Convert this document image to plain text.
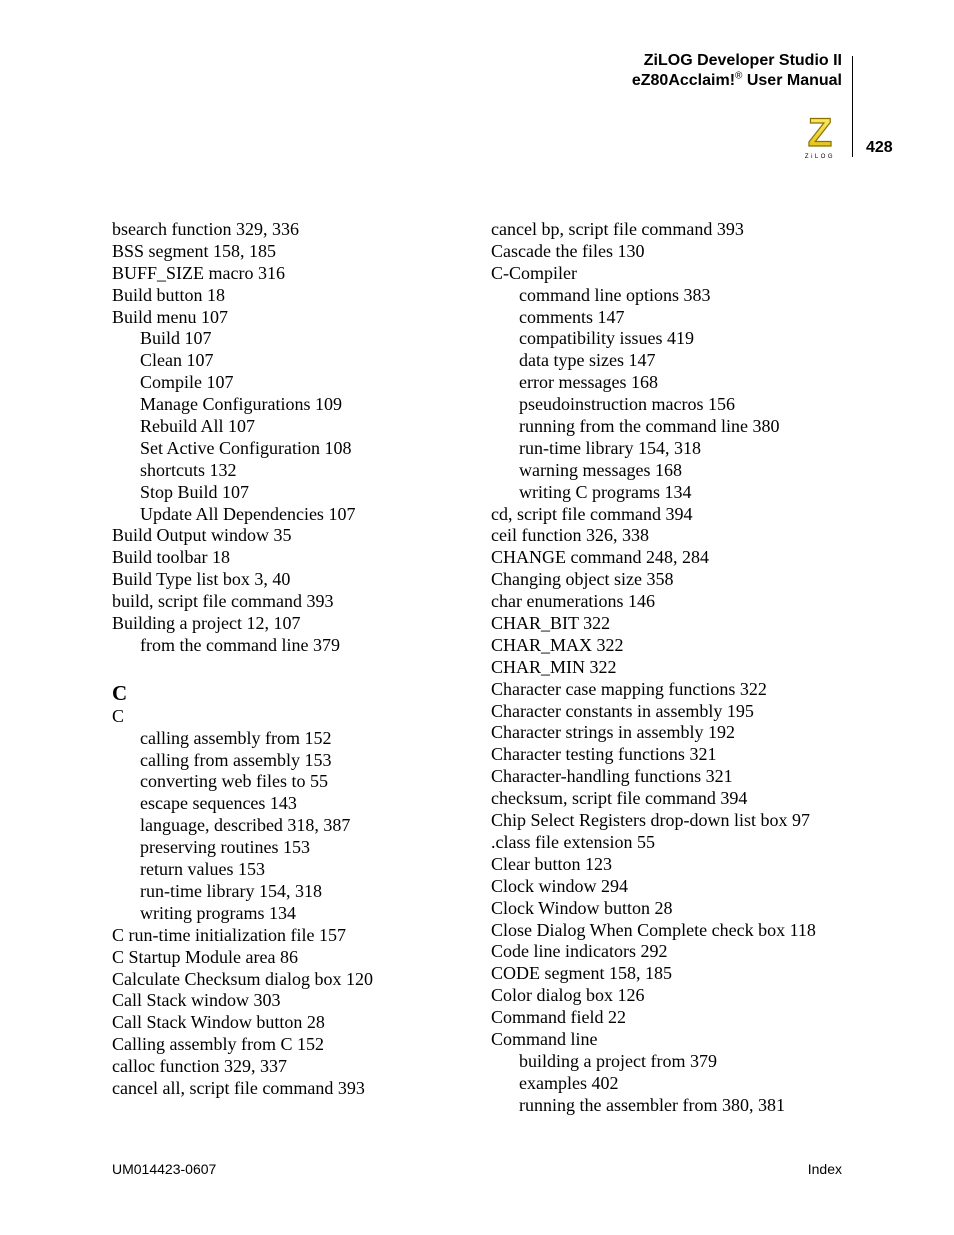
ZiLOG Developer Studio II
eZ80Acclaim!® User Manual
Z
ZiLOG
428
bsearch function 329, 336
BSS segment 158, 185
BUFF_SIZE macro 316
Build button 18
Build menu 107
Build 107
Clean 107
Compile 107
Manage Configurations 109
Rebuild All 107
Set Active Configuration 108
shortcuts 132
Stop Build 107
Update All Dependencies 107
Build Output window 35
Build toolbar 18
Build Type list box 3, 40
build, script file command 393
Building a project 12, 107
from the command line 379
C
C
calling assembly from 152
calling from assembly 153
converting web files to 55
escape sequences 143
language, described 318, 387
preserving routines 153
return values 153
run-time library 154, 318
writing programs 134
C run-time initialization file 157
C Startup Module area 86
Calculate Checksum dialog box 120
Call Stack window 303
Call Stack Window button 28
Calling assembly from C 152
calloc function 329, 337
cancel all, script file command 393
cancel bp, script file command 393
Cascade the files 130
C-Compiler
command line options 383
comments 147
compatibility issues 419
data type sizes 147
error messages 168
pseudoinstruction macros 156
running from the command line 380
run-time library 154, 318
warning messages 168
writing C programs 134
cd, script file command 394
ceil function 326, 338
CHANGE command 248, 284
Changing object size 358
char enumerations 146
CHAR_BIT 322
CHAR_MAX 322
CHAR_MIN 322
Character case mapping functions 322
Character constants in assembly 195
Character strings in assembly 192
Character testing functions 321
Character-handling functions 321
checksum, script file command 394
Chip Select Registers drop-down list box 97
.class file extension 55
Clear button 123
Clock window 294
Clock Window button 28
Close Dialog When Complete check box 118
Code line indicators 292
CODE segment 158, 185
Color dialog box 126
Command field 22
Command line
building a project from 379
examples 402
running the assembler from 380, 381
UM014423-0607	Index
